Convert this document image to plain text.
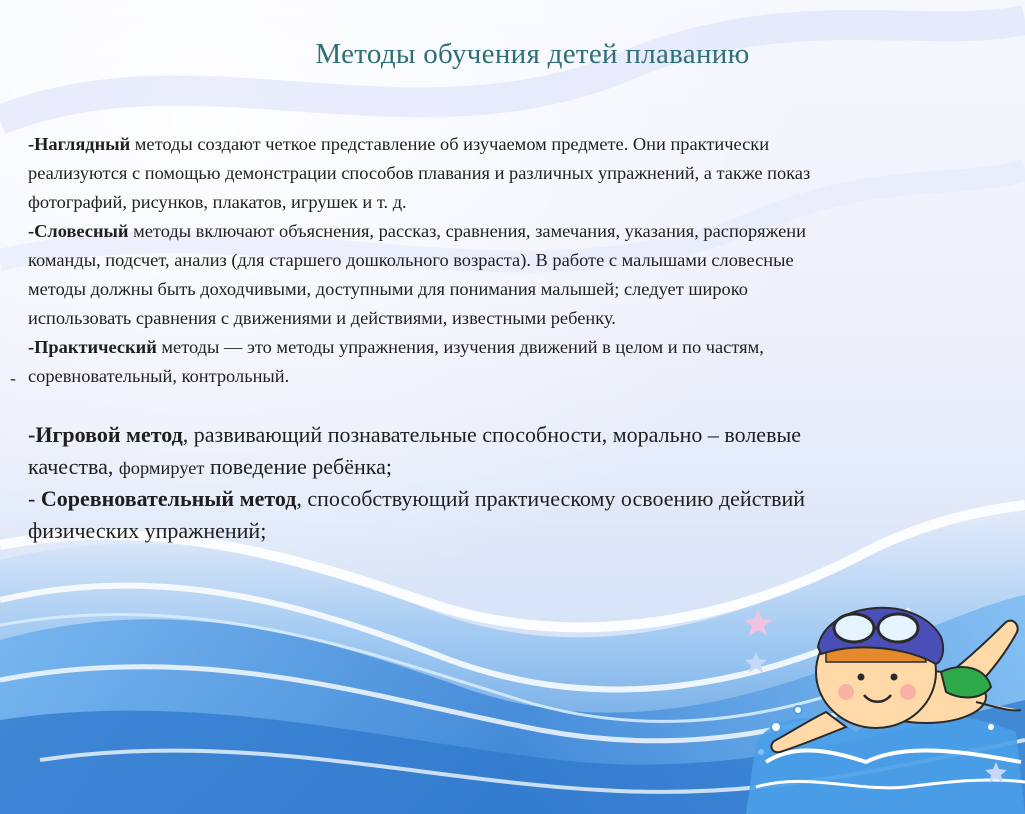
Методы обучения детей плаванию
-Наглядный методы создают четкое представление об изучаемом предмете. Они практически
реализуются с помощью демонстрации способов плавания и различных упражнений, а также показ
фотографий, рисунков, плакатов, игрушек и т. д.
-Словесный методы включают объяснения, рассказ, сравнения, замечания, указания, распоряжени
команды, подсчет, анализ (для старшего дошкольного возраста). В работе с малышами словесные
методы должны быть доходчивыми, доступными для понимания малышей; следует широко
использовать сравнения с движениями и действиями, известными ребенку.
-Практический методы — это методы упражнения, изучения движений в целом и по частям,
соревновательный, контрольный.
-
-Игровой метод, развивающий познавательные способности, морально – волевые
качества, формирует поведение ребёнка;
- Соревновательный метод, способствующий практическому освоению действий
физических упражнений;
